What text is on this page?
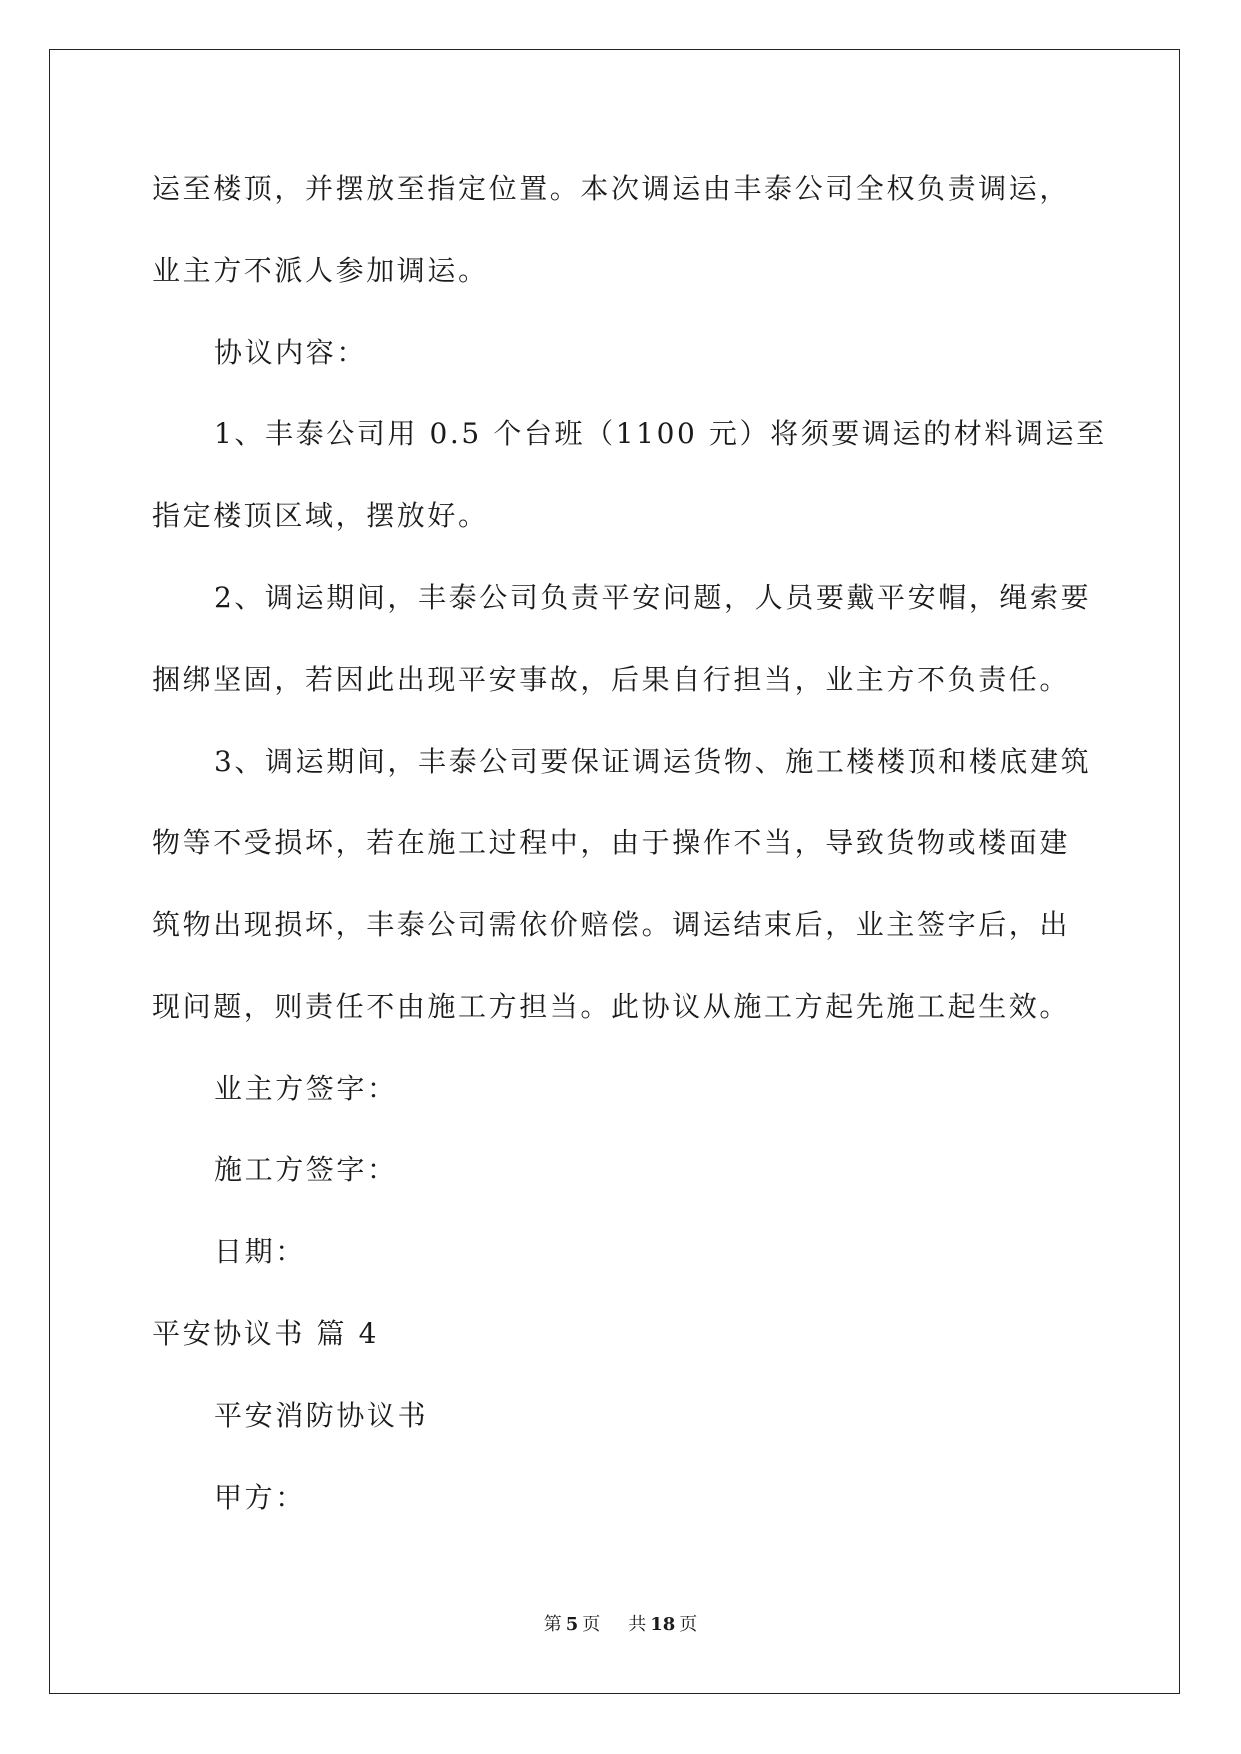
运至楼顶，并摆放至指定位置。本次调运由丰泰公司全权负责调运，
业主方不派人参加调运。
协议内容：
1、丰泰公司用 0.5 个台班（1100 元）将须要调运的材料调运至
指定楼顶区域，摆放好。
2、调运期间，丰泰公司负责平安问题，人员要戴平安帽，绳索要
捆绑坚固，若因此出现平安事故，后果自行担当，业主方不负责任。
3、调运期间，丰泰公司要保证调运货物、施工楼楼顶和楼底建筑
物等不受损坏，若在施工过程中，由于操作不当，导致货物或楼面建
筑物出现损坏，丰泰公司需依价赔偿。调运结束后，业主签字后，出
现问题，则责任不由施工方担当。此协议从施工方起先施工起生效。
业主方签字：
施工方签字：
日期：
平安协议书 篇 4
平安消防协议书
甲方：
第 5 页 共 18 页
